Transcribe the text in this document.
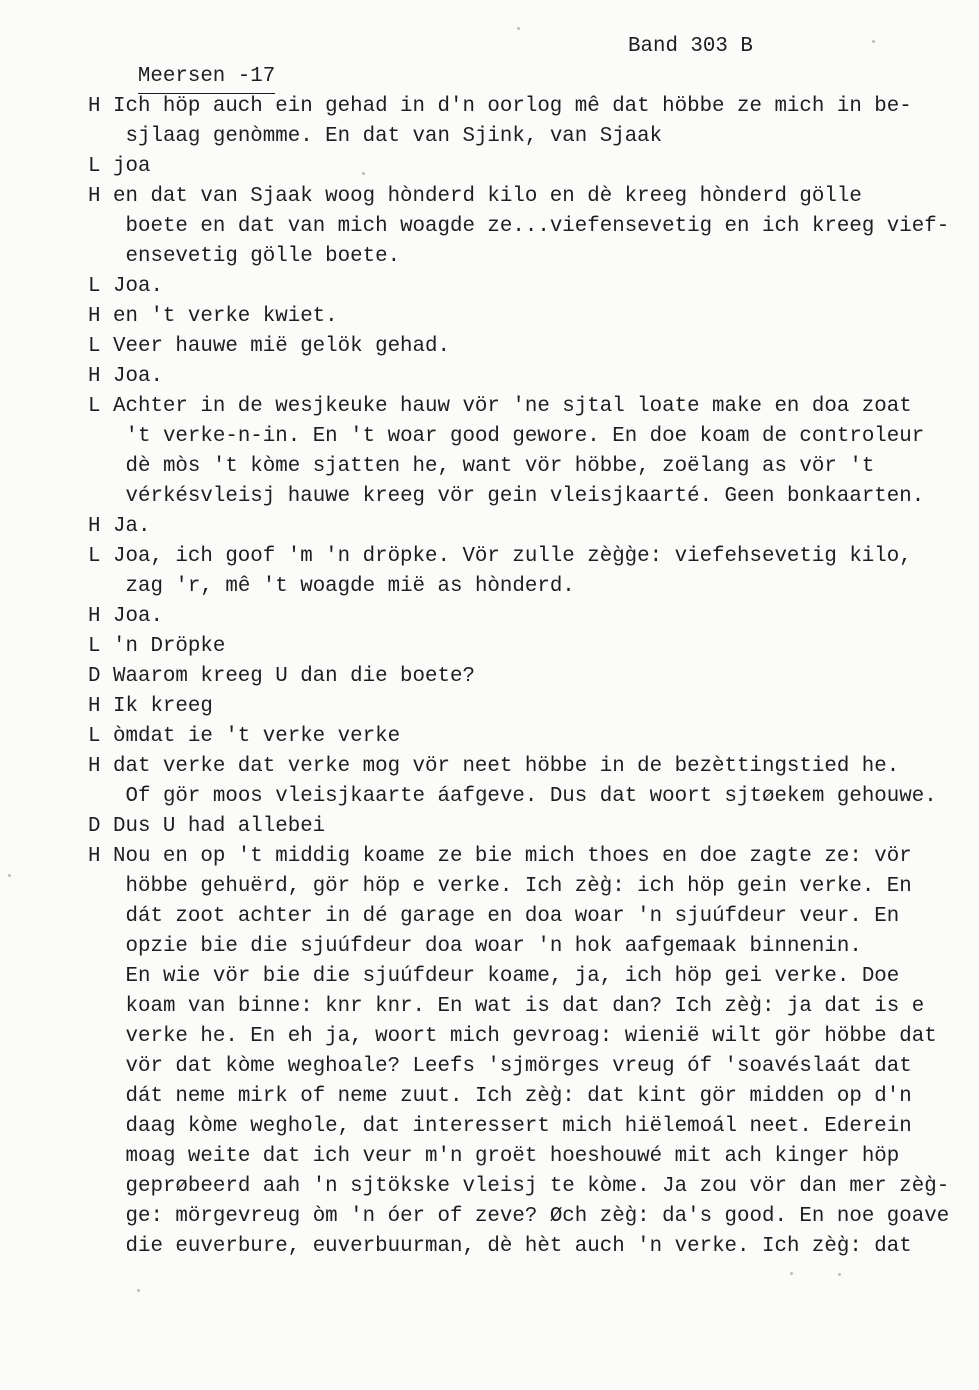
Meersen -17

Band 303 B

H Ich höp auch ein gehad in d'n oorlog mê dat höbbe ze mich in be-
sjlaag genòmme. En dat van Sjink, van Sjaak
L joa
H en dat van Sjaak woog hònderd kilo en dè kreeg hònderd gölle
boete en dat van mich woagde ze...viefensevetig en ich kreeg vief-
ensevetig gölle boete.
L Joa.
H en 't verke kwiet.
L Veer hauwe mië gelök gehad.
H Joa.
L Achter in de wesjkeuke hauw vör 'ne sjtal loate make en doa zoat
't verke-n-in. En 't woar good gewore. En doe koam de controleur
dè mòs 't kòme sjatten he, want vör höbbe, zoëlang as vör 't
vérkésvleisj hauwe kreeg vör gein vleisjkaarté. Geen bonkaarten.
H Ja.
L Joa, ich goof 'm 'n dröpke. Vör zulle zèg̀g̀e: viefehsevetig kilo,
zag 'r, mê 't woagde mië as hònderd.
H Joa.
L 'n Dröpke
D Waarom kreeg U dan die boete?
H Ik kreeg
L òmdat ie 't verke verke
H dat verke dat verke mog vör neet höbbe in de bezèttingstied he.
Of gör moos vleisjkaarte áafgeve. Dus dat woort sjtøekem gehouwe.
D Dus U had allebei
H Nou en op 't middig koame ze bie mich thoes en doe zagte ze: vör
höbbe gehuërd, gör höp e verke. Ich zèg̀: ich höp gein verke. En
dát zoot achter in dé garage en doa woar 'n sjuúfdeur veur. En
opzie bie die sjuúfdeur doa woar 'n hok aafgemaak binnenin.
En wie vör bie die sjuúfdeur koame, ja, ich höp gei verke. Doe
koam van binne: knr knr. En wat is dat dan? Ich zèg̀: ja dat is e
verke he. En eh ja, woort mich gevroag: wienië wilt gör höbbe dat
vör dat kòme weghoale? Leefs 'sjmörges vreug óf 'soavéslaát dat
dát neme mirk of neme zuut. Ich zèg̀: dat kint gör midden op d'n
daag kòme weghole, dat interessert mich hiëlemoál neet. Ederein
moag weite dat ich veur m'n groët hoeshouwé mit ach kinger höp
geprøbeerd aah 'n sjtökske vleisj te kòme. Ja zou vör dan mer zèg̀-
ge: mörgevreug òm 'n óer of zeve? Øch zèg̀: da's good. En noe goave
die euverbure, euverbuurman, dè hèt auch 'n verke. Ich zèg̀: dat
